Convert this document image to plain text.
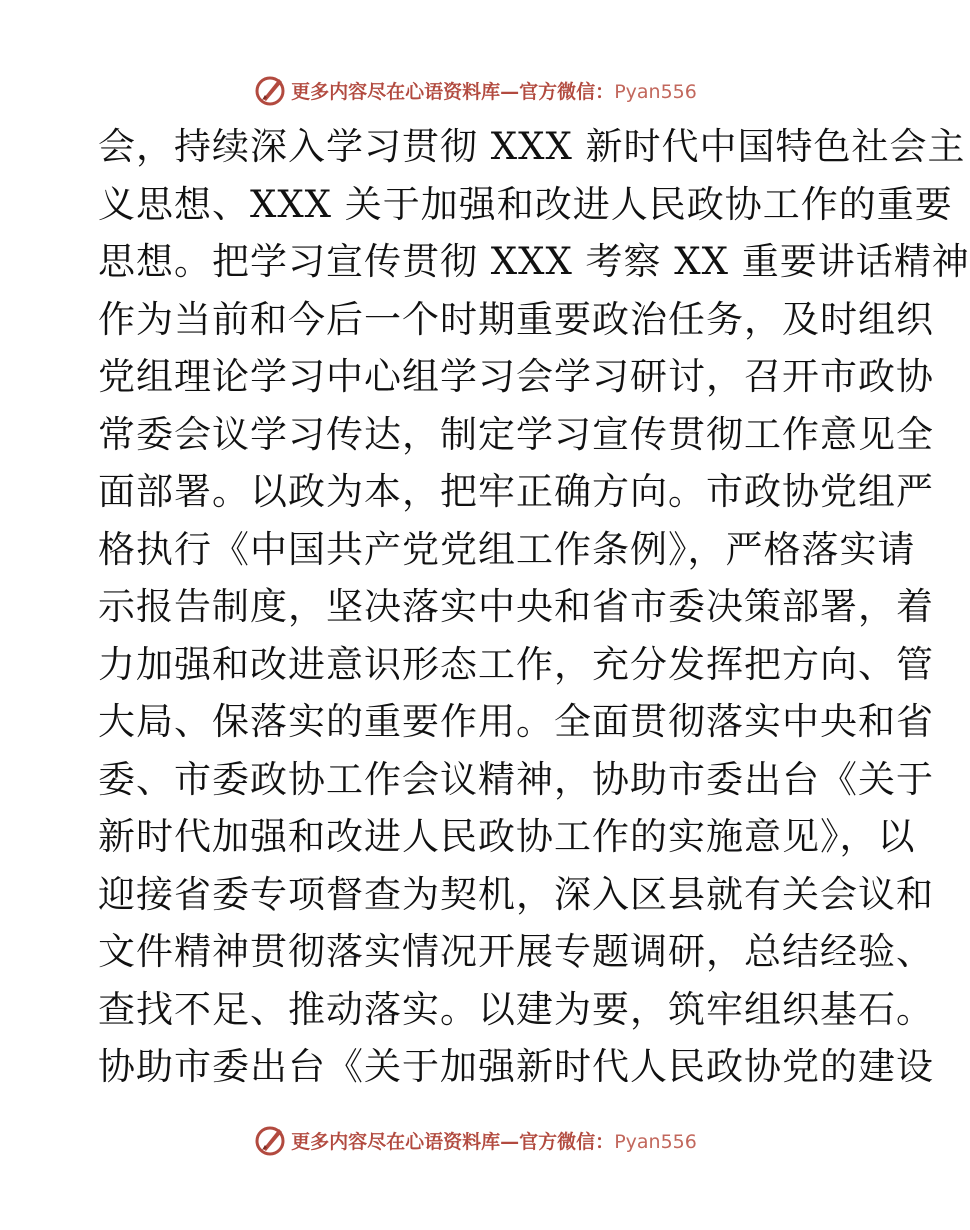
更多内容尽在心语资料库—官方微信：Pyan556
会，持续深入学习贯彻 XXX 新时代中国特色社会主
义思想、XXX 关于加强和改进人民政协工作的重要
思想。把学习宣传贯彻 XXX 考察 XX 重要讲话精神
作为当前和今后一个时期重要政治任务，及时组织
党组理论学习中心组学习会学习研讨，召开市政协
常委会议学习传达，制定学习宣传贯彻工作意见全
面部署。以政为本，把牢正确方向。市政协党组严
格执行《中国共产党党组工作条例》，严格落实请
示报告制度，坚决落实中央和省市委决策部署，着
力加强和改进意识形态工作，充分发挥把方向、管
大局、保落实的重要作用。全面贯彻落实中央和省
委、市委政协工作会议精神，协助市委出台《关于
新时代加强和改进人民政协工作的实施意见》，以
迎接省委专项督查为契机，深入区县就有关会议和
文件精神贯彻落实情况开展专题调研，总结经验、
查找不足、推动落实。以建为要，筑牢组织基石。
协助市委出台《关于加强新时代人民政协党的建设
更多内容尽在心语资料库—官方微信：Pyan556
